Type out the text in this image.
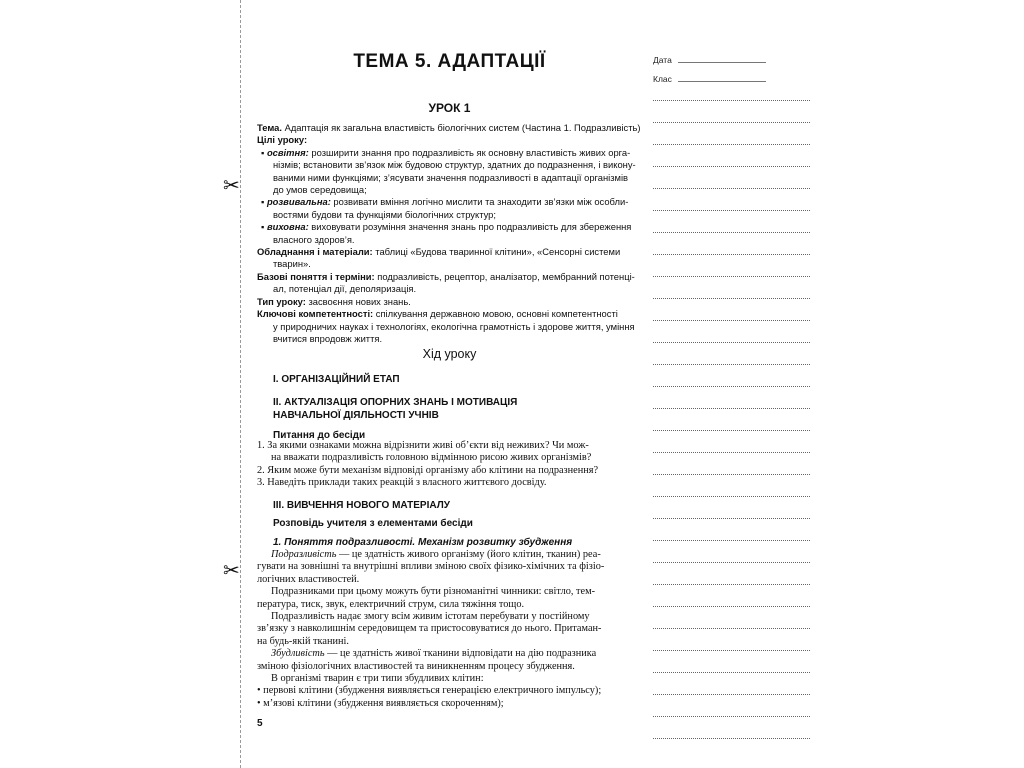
✂
✂
ТЕМА 5. АДАПТАЦІЇ
УРОК 1
Тема. Адаптація як загальна властивість біологічних систем (Частина 1. Подразливість)
Цілі уроку:
▪ освітня: розширити знання про подразливість як основну властивість живих орга-
нізмів; встановити зв’язок між будовою структур, здатних до подразнення, і викону-
ваними ними функціями; з’ясувати значення подразливості в адаптації організмів
до умов середовища;
▪ розвивальна: розвивати вміння логічно мислити та знаходити зв’язки між особли-
востями будови та функціями біологічних структур;
▪ виховна: виховувати розуміння значення знань про подразливість для збереження
власного здоров’я.
Обладнання і матеріали: таблиці «Будова тваринної клітини», «Сенсорні системи
тварин».
Базові поняття і терміни: подразливість, рецептор, аналізатор, мембранний потенці-
ал, потенціал дії, деполяризація.
Тип уроку: засвоєння нових знань.
Ключові компетентності: спілкування державною мовою, основні компетентності
у природничих науках і технологіях, екологічна грамотність і здорове життя, уміння
вчитися впродовж життя.
Хід уроку
I. ОРГАНІЗАЦІЙНИЙ ЕТАП
II. АКТУАЛІЗАЦІЯ ОПОРНИХ ЗНАНЬ І МОТИВАЦІЯ
НАВЧАЛЬНОЇ ДІЯЛЬНОСТІ УЧНІВ
Питання до бесіди
1. За якими ознаками можна відрізнити живі об’єкти від неживих? Чи мож-
на вважати подразливість головною відмінною рисою живих організмів?
2. Яким може бути механізм відповіді організму або клітини на подразнення?
3. Наведіть приклади таких реакцій з власного життєвого досвіду.
III. ВИВЧЕННЯ НОВОГО МАТЕРІАЛУ
Розповідь учителя з елементами бесіди
1. Поняття подразливості. Механізм розвитку збудження
Подразливість — це здатність живого організму (його клітин, тканин) реа-
гувати на зовнішні та внутрішні впливи зміною своїх фізико-хімічних та фізіо-
логічних властивостей.
Подразниками при цьому можуть бути різноманітні чинники: світло, тем-
пература, тиск, звук, електричний струм, сила тяжіння тощо.
Подразливість надає змогу всім живим істотам перебувати у постійному
зв’язку з навколишнім середовищем та пристосовуватися до нього. Притаман-
на будь-якій тканині.
Збудливість — це здатність живої тканини відповідати на дію подразника
зміною фізіологічних властивостей та виникненням процесу збудження.
В організмі тварин є три типи збудливих клітин:
• первові клітини (збудження виявляється генерацією електричного імпульсу);
• м’язові клітини (збудження виявляється скороченням);
5
Дата
Клас
